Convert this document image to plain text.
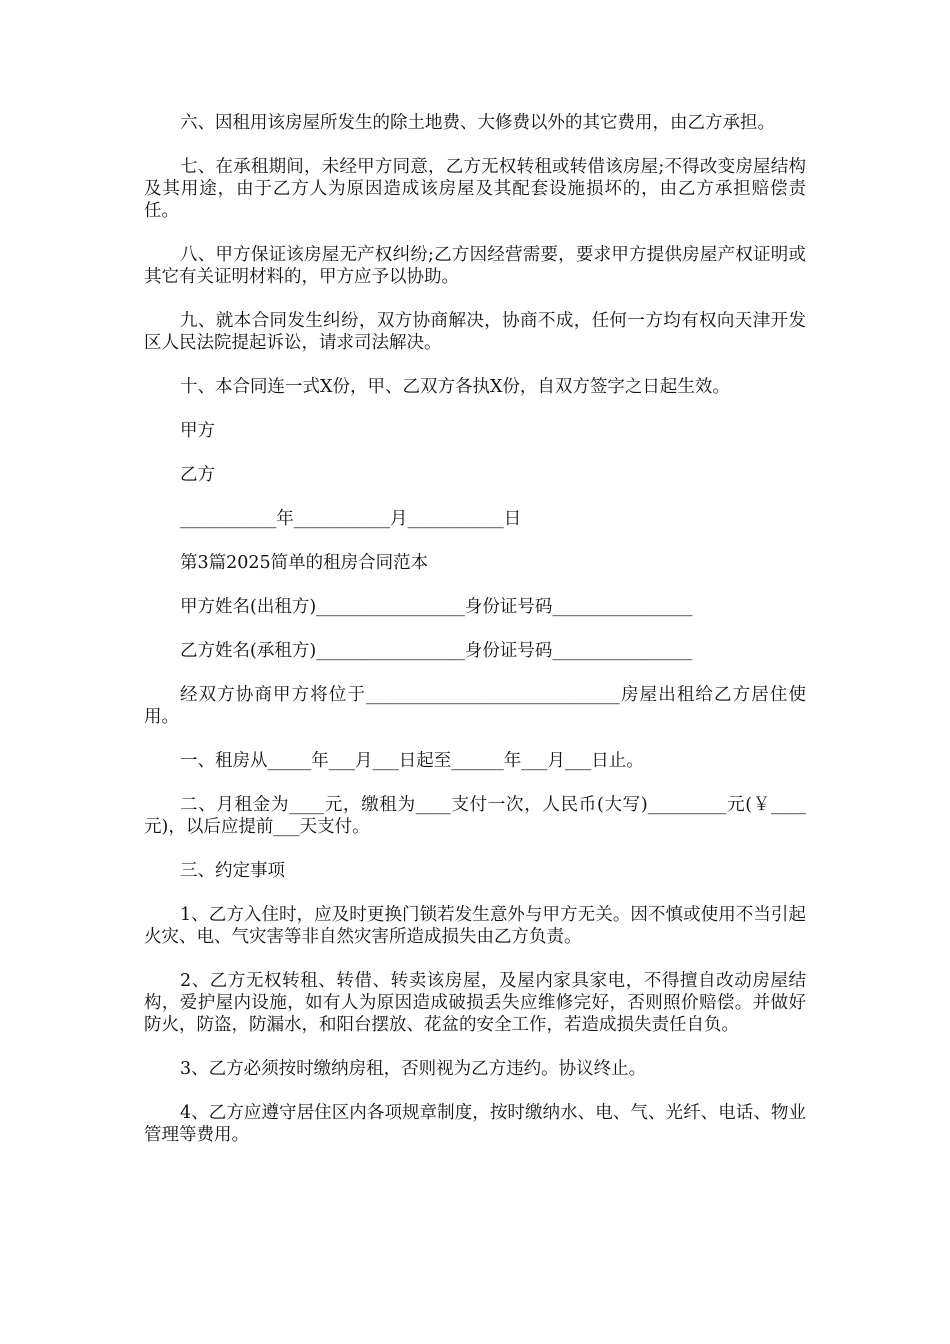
六、因租用该房屋所发生的除土地费、大修费以外的其它费用，由乙方承担。

七、在承租期间，未经甲方同意，乙方无权转租或转借该房屋;不得改变房屋结构及其用途，由于乙方人为原因造成该房屋及其配套设施损坏的，由乙方承担赔偿责任。

八、甲方保证该房屋无产权纠纷;乙方因经营需要，要求甲方提供房屋产权证明或其它有关证明材料的，甲方应予以协助。

九、就本合同发生纠纷，双方协商解决，协商不成，任何一方均有权向天津开发区人民法院提起诉讼，请求司法解决。

十、本合同连一式X份，甲、乙双方各执X份，自双方签字之日起生效。

甲方

乙方

___________年___________月___________日

第3篇2025简单的租房合同范本

甲方姓名(出租方)_________________身份证号码________________

乙方姓名(承租方)_________________身份证号码________________

经双方协商甲方将位于_____________________________房屋出租给乙方居住使用。

一、租房从_____年___月___日起至______年___月___日止。

二、月租金为____元，缴租为____支付一次，人民币(大写)_________元(￥____元)，以后应提前___天支付。

三、约定事项

1、乙方入住时，应及时更换门锁若发生意外与甲方无关。因不慎或使用不当引起火灾、电、气灾害等非自然灾害所造成损失由乙方负责。

2、乙方无权转租、转借、转卖该房屋，及屋内家具家电，不得擅自改动房屋结构，爱护屋内设施，如有人为原因造成破损丢失应维修完好，否则照价赔偿。并做好防火，防盗，防漏水，和阳台摆放、花盆的安全工作，若造成损失责任自负。

3、乙方必须按时缴纳房租，否则视为乙方违约。协议终止。

4、乙方应遵守居住区内各项规章制度，按时缴纳水、电、气、光纤、电话、物业管理等费用。
